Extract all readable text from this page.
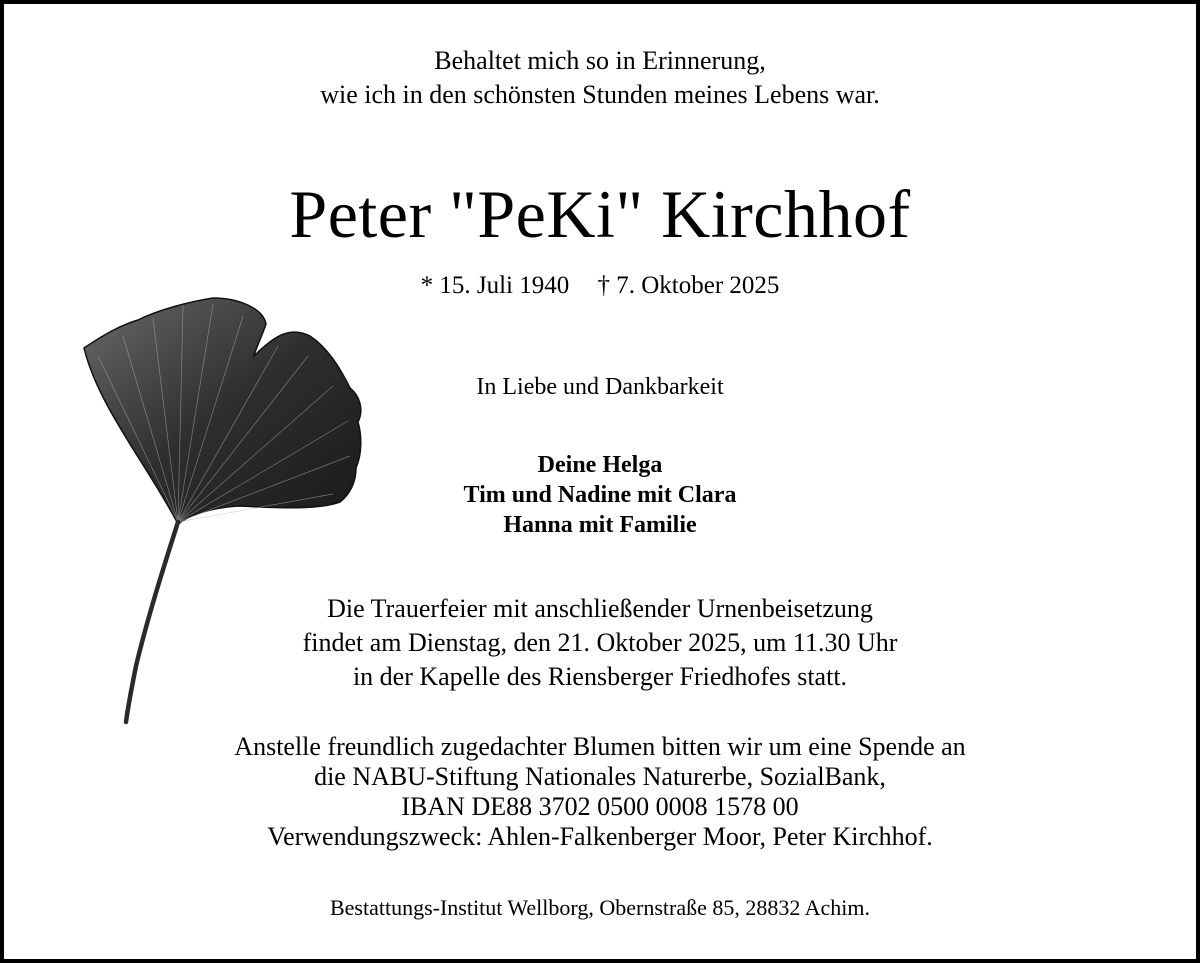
Behaltet mich so in Erinnerung,
wie ich in den schönsten Stunden meines Lebens war.
Peter "PeKi" Kirchhof
* 15. Juli 1940 † 7. Oktober 2025
In Liebe und Dankbarkeit
Deine Helga
Tim und Nadine mit Clara
Hanna mit Familie
Die Trauerfeier mit anschließender Urnenbeisetzung
findet am Dienstag, den 21. Oktober 2025, um 11.30 Uhr
in der Kapelle des Riensberger Friedhofes statt.
Anstelle freundlich zugedachter Blumen bitten wir um eine Spende an
die NABU-Stiftung Nationales Naturerbe, SozialBank,
IBAN DE88 3702 0500 0008 1578 00
Verwendungszweck: Ahlen-Falkenberger Moor, Peter Kirchhof.
Bestattungs-Institut Wellborg, Obernstraße 85, 28832 Achim.
